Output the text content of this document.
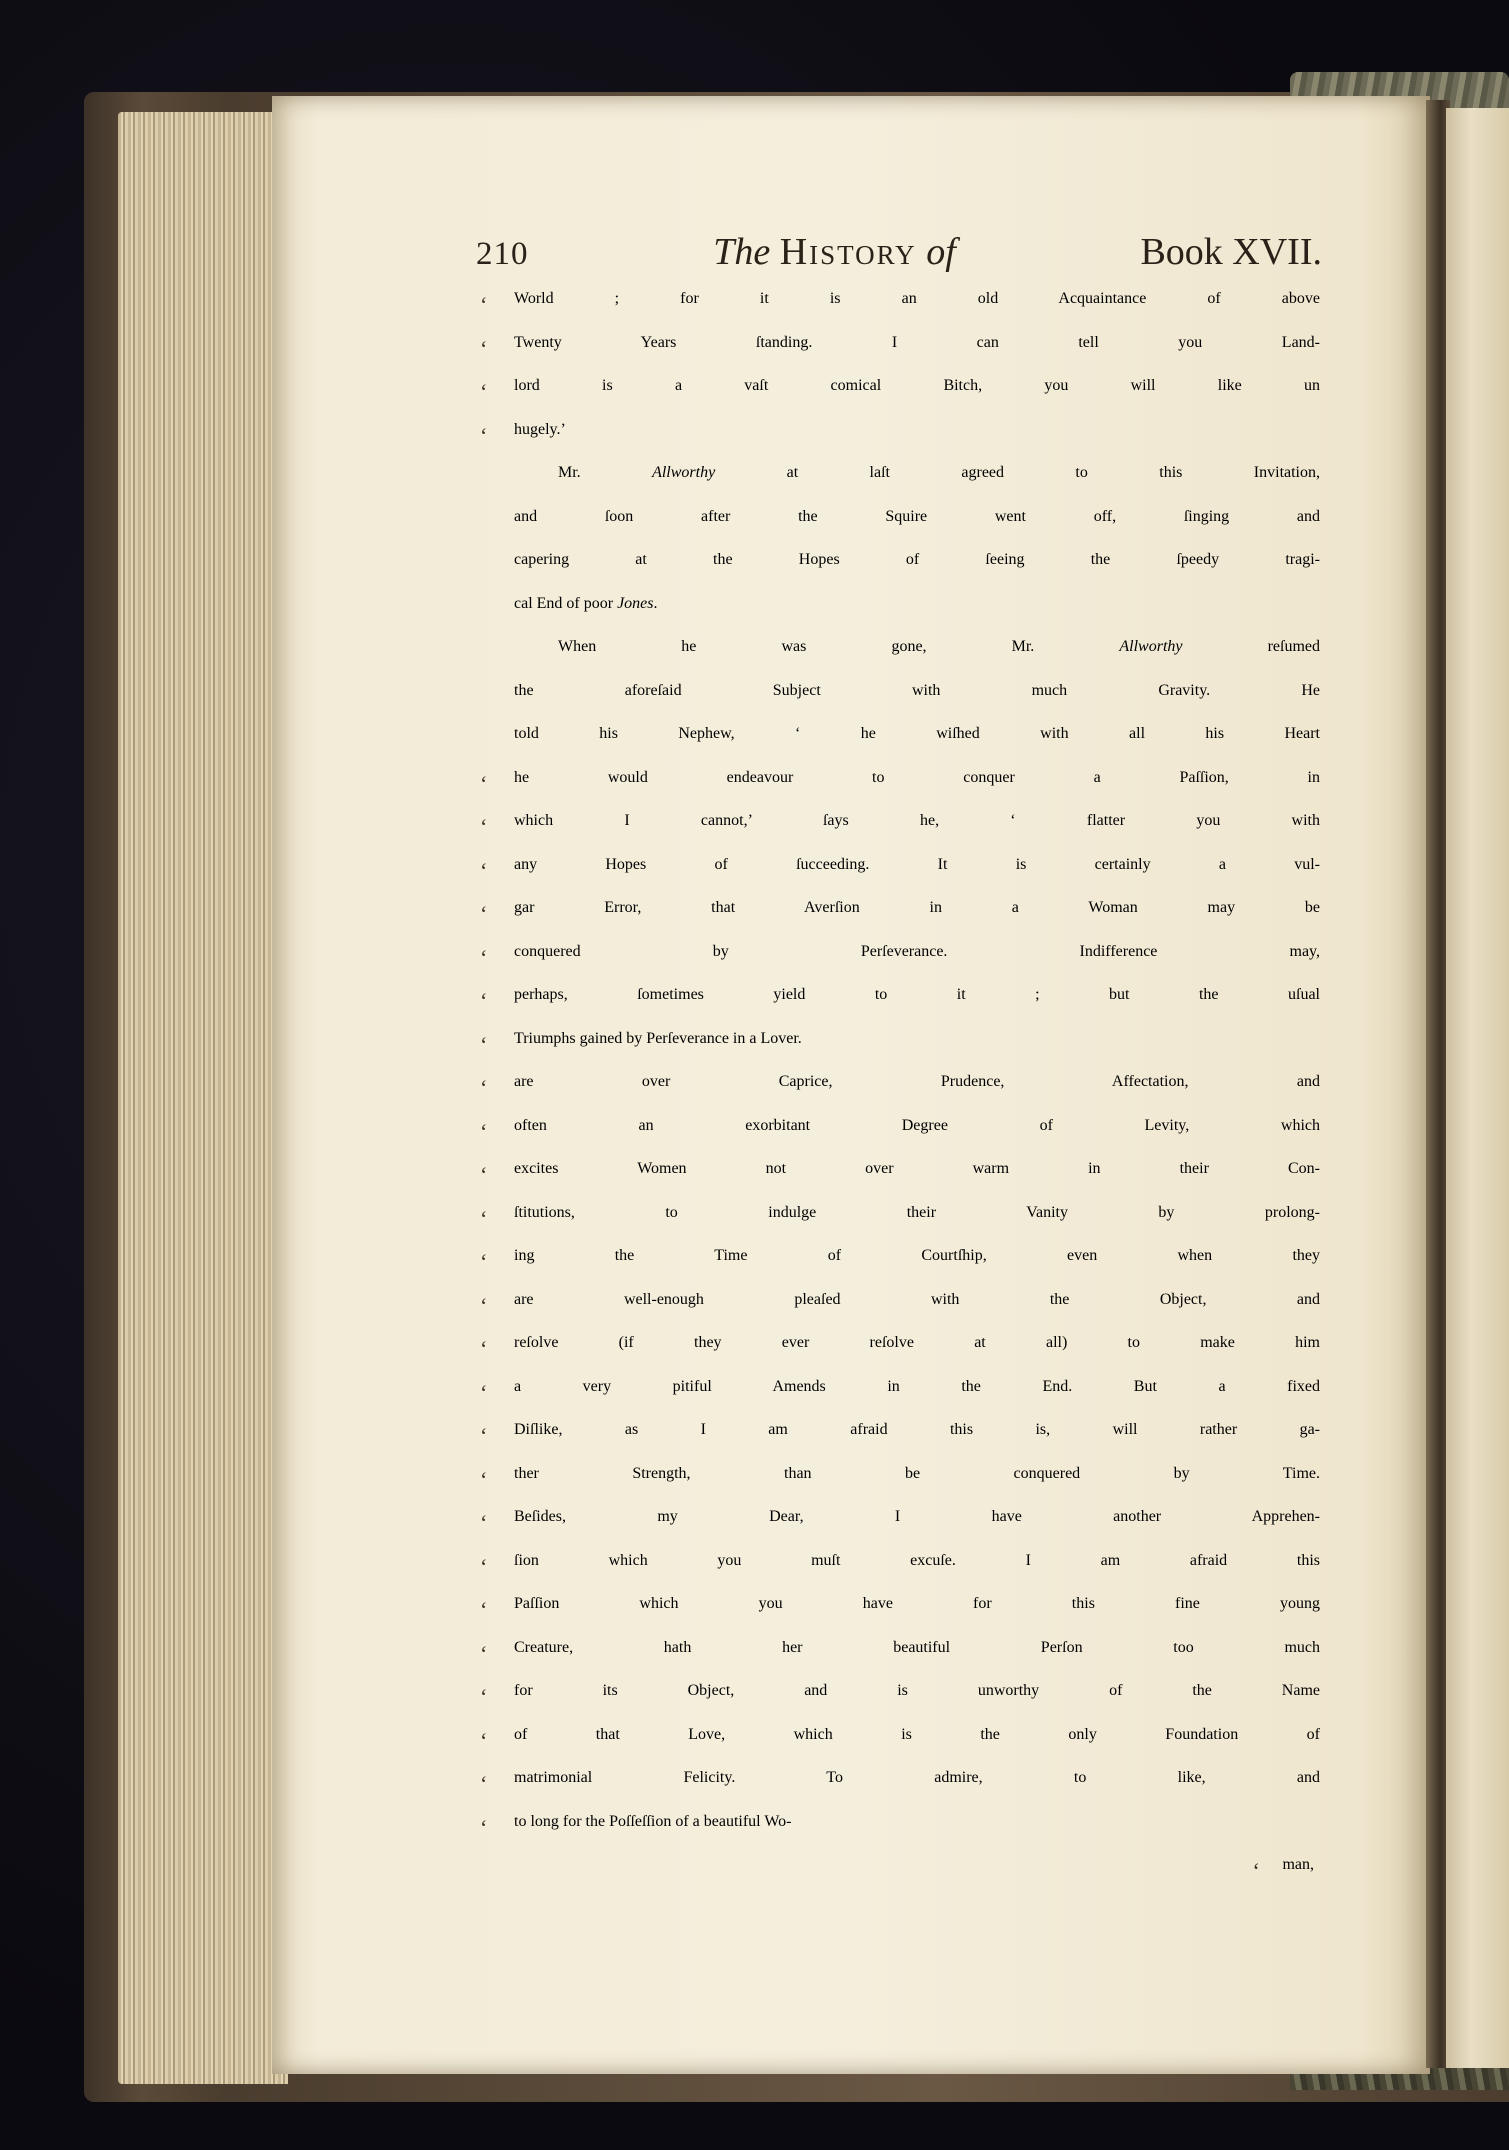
210	The History of	Book XVII.
‘	World ; for it is an old Acquaintance of above
‘	Twenty Years ſtanding. I can tell you Land-
‘	lord is a vaſt comical Bitch, you will like un
‘	hugely.’
Mr. Allworthy at laſt agreed to this Invitation,
and ſoon after the Squire went off, ſinging and
capering at the Hopes of ſeeing the ſpeedy tragi-
cal End of poor Jones.
When he was gone, Mr. Allworthy reſumed
the aforeſaid Subject with much Gravity. He
told his Nephew, ‘ he wiſhed with all his Heart
‘	he would endeavour to conquer a Paſſion, in
‘	which I cannot,’ ſays he, ‘ flatter you with
‘	any Hopes of ſucceeding. It is certainly a vul-
‘	gar Error, that Averſion in a Woman may be
‘	conquered by Perſeverance. Indifference may,
‘	perhaps, ſometimes yield to it ; but the uſual
‘	Triumphs gained by Perſeverance in a Lover.
‘	are over Caprice, Prudence, Affectation, and
‘	often an exorbitant Degree of Levity, which
‘	excites Women not over warm in their Con-
‘	ſtitutions, to indulge their Vanity by prolong-
‘	ing the Time of Courtſhip, even when they
‘	are well-enough pleaſed with the Object, and
‘	reſolve (if they ever reſolve at all) to make him
‘	a very pitiful Amends in the End. But a fixed
‘	Diſlike, as I am afraid this is, will rather ga-
‘	ther Strength, than be conquered by Time.
‘	Beſides, my Dear, I have another Apprehen-
‘	ſion which you muſt excuſe. I am afraid this
‘	Paſſion which you have for this fine young
‘	Creature, hath her beautiful Perſon too much
‘	for its Object, and is unworthy of the Name
‘	of that Love, which is the only Foundation of
‘	matrimonial Felicity. To admire, to like, and
‘	to long for the Poſſeſſion of a beautiful Wo-
‘	man,
